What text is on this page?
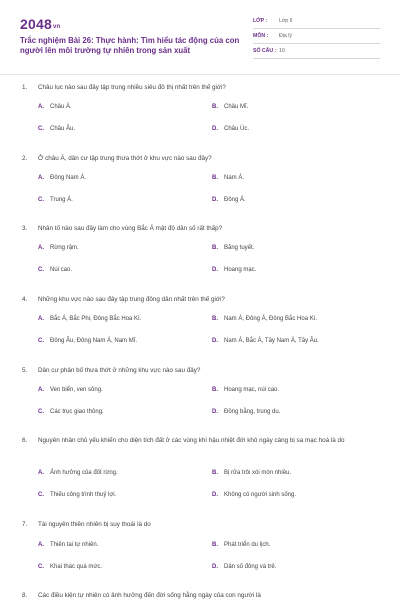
2048vn
Trắc nghiệm Bài 26: Thực hành: Tìm hiểu tác động của con người lên môi trường tự nhiên trong sản xuất
LỚP :	Lớp 6
MÔN :	Địa lý
SỐ CÂU : 10
1. Châu lục nào sau đây tập trung nhiều siêu đô thị nhất trên thế giới?
A. Châu Á.	B. Châu Mĩ.
C. Châu Âu.	D. Châu Úc.
2. Ở châu Á, dân cư tập trung thưa thớt ở khu vực nào sau đây?
A. Đông Nam Á.	B. Nam Á.
C. Trung Á.	D. Đông Á.
3. Nhân tố nào sau đây làm cho vùng Bắc Á mật độ dân số rất thấp?
A. Rừng rậm.	B. Băng tuyết.
C. Núi cao.	D. Hoang mạc.
4. Những khu vực nào sau đây tập trung đông dân nhất trên thế giới?
A. Bắc Á, Bắc Phi, Đông Bắc Hoa Kì.	B. Nam Á, Đông Á, Đông Bắc Hoa Kì.
C. Đông Âu, Đông Nam Á, Nam Mĩ.	D. Nam Á, Bắc Á, Tây Nam Á, Tây Âu.
5. Dân cư phân bố thưa thớt ở những khu vực nào sau đây?
A. Ven biển, ven sông.	B. Hoang mạc, núi cao.
C. Các trục giao thông.	D. Đồng bằng, trung du.
6. Nguyên nhân chủ yếu khiến cho diện tích đất ở các vùng khí hậu nhiệt đới khô ngày càng bị sa mạc hoá là do
A. Ảnh hưởng của đốt rừng.	B. Bị rửa trôi xói mòn nhiều.
C. Thiếu công trình thuỷ lợi.	D. Không có người sinh sống.
7. Tài nguyên thiên nhiên bị suy thoái là do
A. Thiên tai tự nhiên.	B. Phát triển du lịch.
C. Khai thác quá mức.	D. Dân số đông và trẻ.
8. Các điều kiện tự nhiên có ảnh hưởng đến đời sống hằng ngày của con người là
